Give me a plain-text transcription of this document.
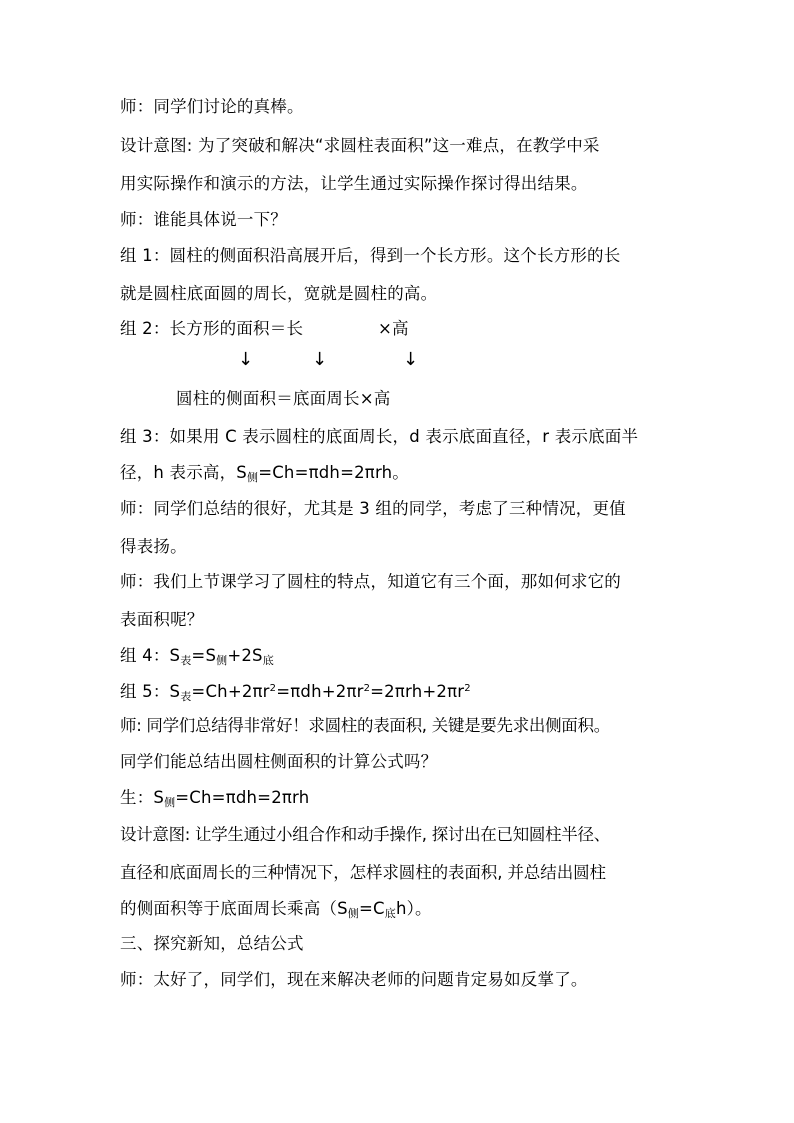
师：同学们讨论的真棒。
设计意图: 为了突破和解决“求圆柱表面积”这一难点，在教学中采
用实际操作和演示的方法，让学生通过实际操作探讨得出结果。
师：谁能具体说一下？
组 1：圆柱的侧面积沿高展开后，得到一个长方形。这个长方形的长
就是圆柱底面圆的周长，宽就是圆柱的高。
组 2：长方形的面积＝长	×高
↓	↓	↓
圆柱的侧面积＝底面周长×高
组 3：如果用 C 表示圆柱的底面周长，d 表示底面直径，r 表示底面半
径，h 表示高，$S_侧=Ch=\pi dh=2\pi rh$。
师：同学们总结的很好，尤其是 3 组的同学，考虑了三种情况，更值
得表扬。
师：我们上节课学习了圆柱的特点，知道它有三个面，那如何求它的
表面积呢？
组 4：$S_表=S_侧+2S_底$
组 5：$S_表=Ch+2\pi r^2=\pi dh+2\pi r^2=2\pi rh+2\pi r^2$
师: 同学们总结得非常好！求圆柱的表面积, 关键是要先求出侧面积。
同学们能总结出圆柱侧面积的计算公式吗？
生：$S_侧=Ch=\pi dh=2\pi rh$
设计意图: 让学生通过小组合作和动手操作, 探讨出在已知圆柱半径、
直径和底面周长的三种情况下，怎样求圆柱的表面积, 并总结出圆柱
的侧面积等于底面周长乘高$(S_侧=C_底h)$。
三、探究新知，总结公式
师：太好了，同学们，现在来解决老师的问题肯定易如反掌了。
